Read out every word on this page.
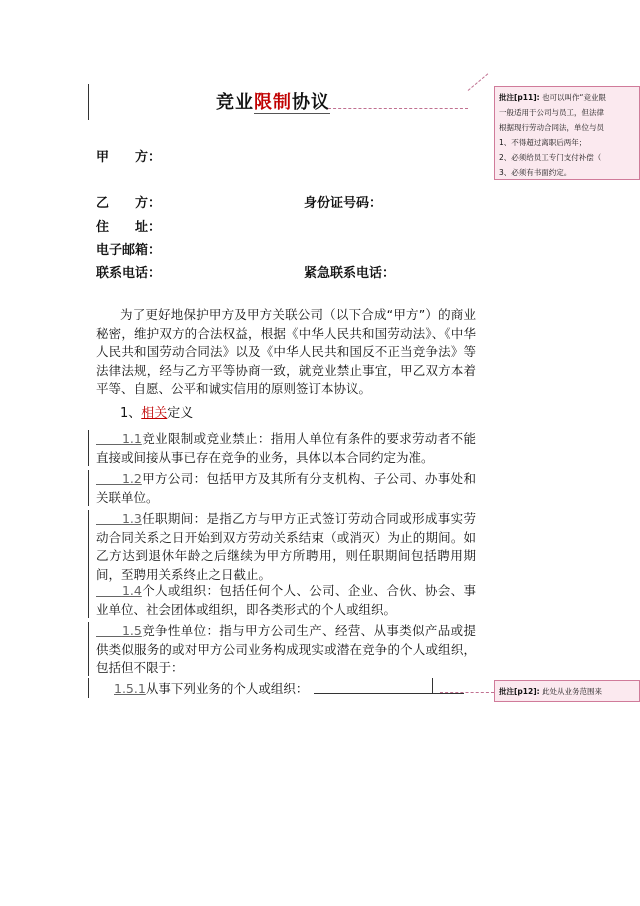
竞业限制协议	批注[p11]: 也可以叫作“竞业限
一般适用于公司与员工，但法律
根据现行劳动合同法，单位与员
1、不得超过离职后两年；
2、必须给员工专门支付补偿（
3、必须有书面约定。
甲　　方：
乙　　方：	身份证号码：
住　　址：
电子邮箱：
联系电话：	紧急联系电话：
为了更好地保护甲方及甲方关联公司（以下合成“甲方”）的商业秘密，维护双方的合法权益，根据《中华人民共和国劳动法》、《中华人民共和国劳动合同法》以及《中华人民共和国反不正当竞争法》等法律法规，经与乙方平等协商一致，就竞业禁止事宜，甲乙双方本着平等、自愿、公平和诚实信用的原则签订本协议。
1、相关定义
​      1.1竞业限制或竞业禁止：指用人单位有条件的要求劳动者不能直接或间接从事已存在竞争的业务，具体以本合同约定为准。
1.2甲方公司：包括甲方及其所有分支机构、子公司、办事处和关联单位。
1.3任职期间：是指乙方与甲方正式签订劳动合同或形成事实劳动合同关系之日开始到双方劳动关系结束（或消灭）为止的期间。如乙方达到退休年龄之后继续为甲方所聘用，则任职期间包括聘用期间，至聘用关系终止之日截止。
1.4个人或组织：包括任何个人、公司、企业、合伙、协会、事业单位、社会团体或组织，即各类形式的个人或组织。
1.5竞争性单位：指与甲方公司生产、经营、从事类似产品或提供类似服务的或对甲方公司业务构成现实或潜在竞争的个人或组织，包括但不限于：
1.5.1从事下列业务的个人或组织：	批注[p12]: 此处从业务范围来
